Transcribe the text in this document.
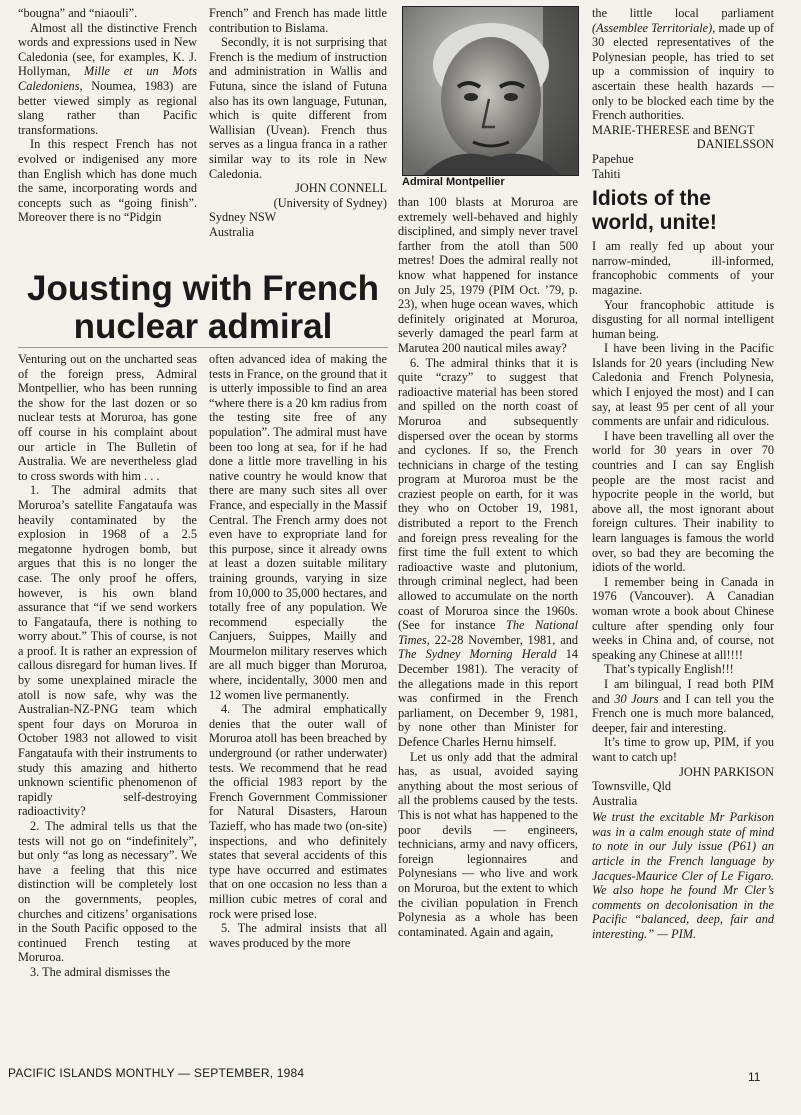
“bougna” and “niaouli”.

Almost all the distinctive French words and expressions used in New Caledonia (see, for examples, K. J. Hollyman, Mille et un Mots Caledoniens, Noumea, 1983) are better viewed simply as regional slang rather than Pacific transformations.

In this respect French has not evolved or indigenised any more than English which has done much the same, incorporating words and concepts such as “going finish”. Moreover there is no “Pidgin

French” and French has made little contribution to Bislama.

Secondly, it is not surprising that French is the medium of instruction and administration in Wallis and Futuna, since the island of Futuna also has its own language, Futunan, which is quite different from Wallisian (Uvean). French thus serves as a lingua franca in a rather similar way to its role in New Caledonia.

JOHN CONNELL

(University of Sydney)

Sydney NSW

Australia

Admiral Montpellier
Jousting with French
nuclear admiral

Venturing out on the uncharted seas of the foreign press, Admiral Montpellier, who has been running the show for the last dozen or so nuclear tests at Moruroa, has gone off course in his complaint about our article in The Bulletin of Australia. We are nevertheless glad to cross swords with him . . .

1. The admiral admits that Moruroa’s satellite Fangataufa was heavily contaminated by the explosion in 1968 of a 2.5 megatonne hydrogen bomb, but argues that this is no longer the case. The only proof he offers, however, is his own bland assurance that “if we send workers to Fangataufa, there is nothing to worry about.” This of course, is not a proof. It is rather an expression of callous disregard for human lives. If by some unexplained miracle the atoll is now safe, why was the Australian-NZ-PNG team which spent four days on Moruroa in October 1983 not allowed to visit Fangataufa with their instruments to study this amazing and hitherto unknown scientific phenomenon of rapidly self-destroying radioactivity?

2. The admiral tells us that the tests will not go on “indefinitely”, but only “as long as necessary”. We have a feeling that this nice distinction will be completely lost on the governments, peoples, churches and citizens’ organisations in the South Pacific opposed to the continued French testing at Moruroa.

3. The admiral dismisses the

often advanced idea of making the tests in France, on the ground that it is utterly impossible to find an area “where there is a 20 km radius from the testing site free of any population”. The admiral must have been too long at sea, for if he had done a little more travelling in his native country he would know that there are many such sites all over France, and especially in the Massif Central. The French army does not even have to expropriate land for this purpose, since it already owns at least a dozen suitable military training grounds, varying in size from 10,000 to 35,000 hectares, and totally free of any population. We recommend especially the Canjuers, Suippes, Mailly and Mourmelon military reserves which are all much bigger than Moruroa, where, incidentally, 3000 men and 12 women live permanently.

4. The admiral emphatically denies that the outer wall of Moruroa atoll has been breached by underground (or rather underwater) tests. We recommend that he read the official 1983 report by the French Government Commissioner for Natural Disasters, Haroun Tazieff, who has made two (on-site) inspections, and who definitely states that several accidents of this type have occurred and estimates that on one occasion no less than a million cubic metres of coral and rock were prised lose.

5. The admiral insists that all waves produced by the more

than 100 blasts at Moruroa are extremely well-behaved and highly disciplined, and simply never travel farther from the atoll than 500 metres! Does the admiral really not know what happened for instance on July 25, 1979 (PIM Oct. ’79, p. 23), when huge ocean waves, which definitely originated at Moruroa, severly damaged the pearl farm at Marutea 200 nautical miles away?

6. The admiral thinks that it is quite “crazy” to suggest that radioactive material has been stored and spilled on the north coast of Moruroa and subsequently dispersed over the ocean by storms and cyclones. If so, the French technicians in charge of the testing program at Muroroa must be the craziest people on earth, for it was they who on October 19, 1981, distributed a report to the French and foreign press revealing for the first time the full extent to which radioactive waste and plutonium, through criminal neglect, had been allowed to accumulate on the north coast of Moruroa since the 1960s. (See for instance The National Times, 22-28 November, 1981, and The Sydney Morning Herald 14 December 1981). The veracity of the allegations made in this report was confirmed in the French parliament, on December 9, 1981, by none other than Minister for Defence Charles Hernu himself.

Let us only add that the admiral has, as usual, avoided saying anything about the most serious of all the problems caused by the tests. This is not what has happened to the poor devils — engineers, technicians, army and navy officers, foreign legionnaires and Polynesians — who live and work on Moruroa, but the extent to which the civilian population in French Polynesia as a whole has been contaminated. Again and again,

the little local parliament (Assemblee Territoriale), made up of 30 elected representatives of the Polynesian people, has tried to set up a commission of inquiry to ascertain these health hazards — only to be blocked each time by the French authorities.

MARIE-THERESE and BENGT

DANIELSSON

Papehue

Tahiti

Idiots of the world, unite!

I am really fed up about your narrow-minded, ill-informed, francophobic comments of your magazine.

Your francophobic attitude is disgusting for all normal intelligent human being.

I have been living in the Pacific Islands for 20 years (including New Caledonia and French Polynesia, which I enjoyed the most) and I can say, at least 95 per cent of all your comments are unfair and ridiculous.

I have been travelling all over the world for 30 years in over 70 countries and I can say English people are the most racist and hypocrite people in the world, but above all, the most ignorant about foreign cultures. Their inability to learn languages is famous the world over, so bad they are becoming the idiots of the world.

I remember being in Canada in 1976 (Vancouver). A Canadian woman wrote a book about Chinese culture after spending only four weeks in China and, of course, not speaking any Chinese at all!!!!

That’s typically English!!!

I am bilingual, I read both PIM and 30 Jours and I can tell you the French one is much more balanced, deeper, fair and interesting.

It’s time to grow up, PIM, if you want to catch up!

JOHN PARKISON

Townsville, Qld

Australia

We trust the excitable Mr Parkison was in a calm enough state of mind to note in our July issue (P61) an article in the French language by Jacques-Maurice Cler of Le Figaro. We also hope he found Mr Cler’s comments on decolonisation in the Pacific “balanced, deep, fair and interesting.” — PIM.

PACIFIC ISLANDS MONTHLY — SEPTEMBER, 1984	11
